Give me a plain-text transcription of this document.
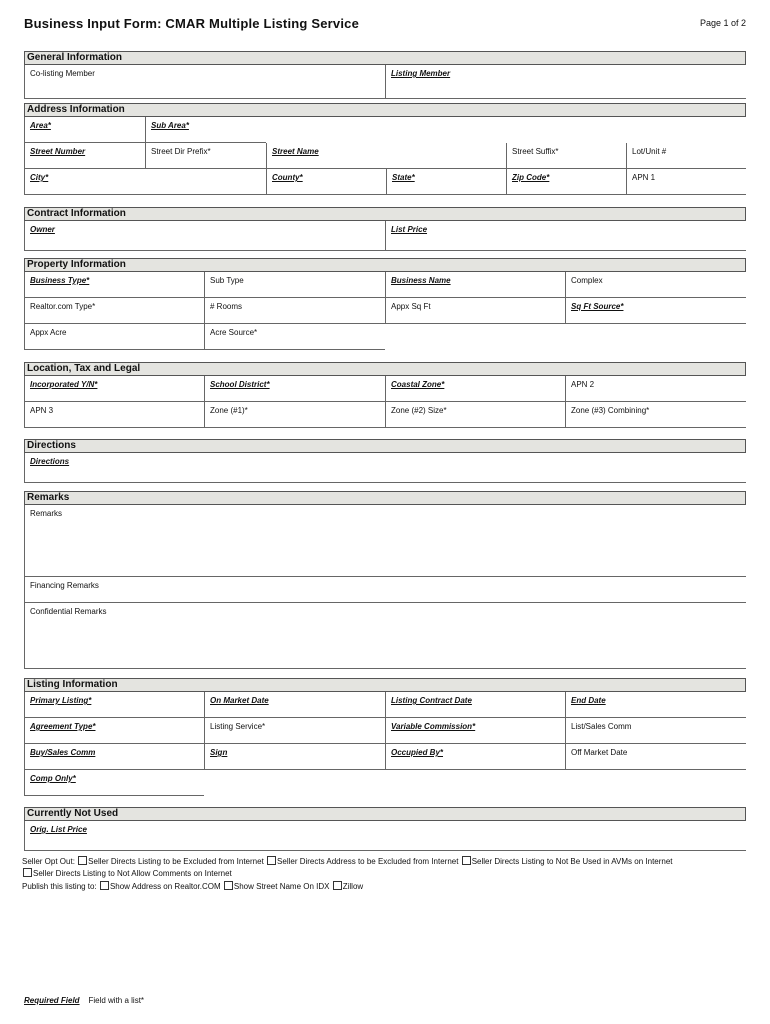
Business Input Form: CMAR Multiple Listing Service	Page 1 of 2
General Information
Co-listing Member	Listing Member
Address Information
Area*	Sub Area*
Street Number	Street Dir Prefix*	Street Name	Street Suffix*	Lot/Unit #
City*	County*	State*	Zip Code*	APN 1
Contract Information
Owner	List Price
Property Information
Business Type*	Sub Type	Business Name	Complex
Realtor.com Type*	# Rooms	Appx Sq Ft	Sq Ft Source*
Appx Acre	Acre Source*
Location, Tax and Legal
Incorporated Y/N*	School District*	Coastal Zone*	APN 2
APN 3	Zone (#1)*	Zone (#2) Size*	Zone (#3) Combining*
Directions
Directions
Remarks
Remarks
Financing Remarks
Confidential Remarks
Listing Information
Primary Listing*	On Market Date	Listing Contract Date	End Date
Agreement Type*	Listing Service*	Variable Commission*	List/Sales Comm
Buy/Sales Comm	Sign	Occupied By*	Off Market Date
Comp Only*
Currently Not Used
Orig. List Price
Seller Opt Out: Seller Directs Listing to be Excluded from Internet Seller Directs Address to be Excluded from Internet Seller Directs Listing to Not Be Used in AVMs on Internet
Seller Directs Listing to Not Allow Comments on Internet
Publish this listing to: Show Address on Realtor.COM Show Street Name On IDX Zillow
Required Field Field with a list*
